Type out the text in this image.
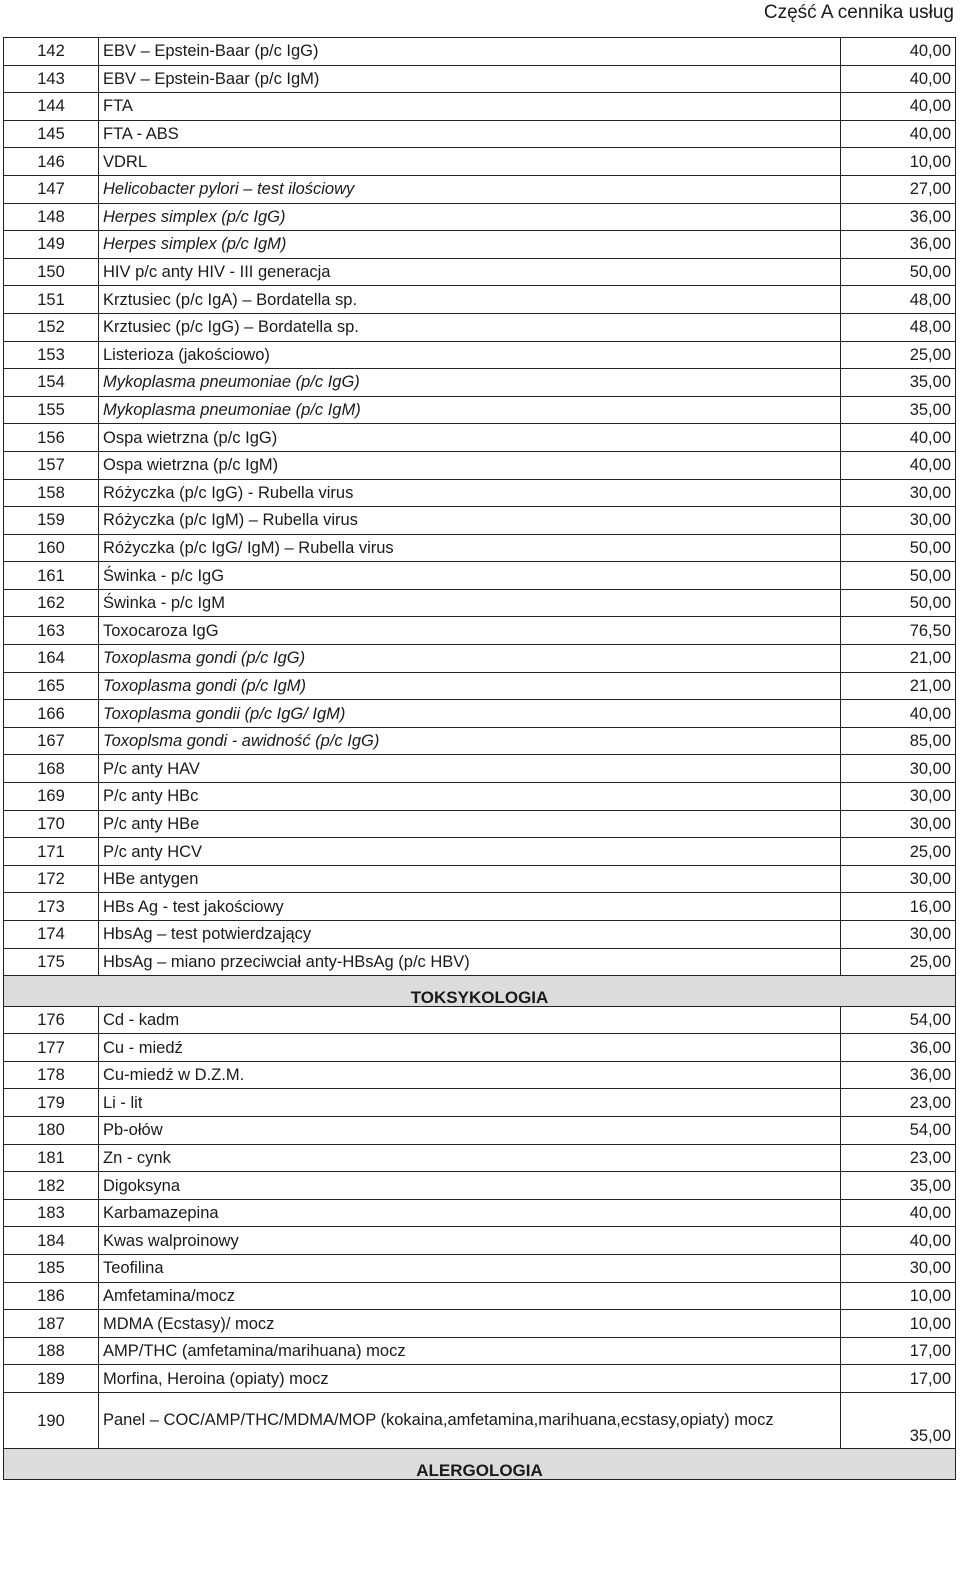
Część A cennika usług
142	EBV – Epstein-Baar (p/c IgG)	40,00
143	EBV – Epstein-Baar (p/c IgM)	40,00
144	FTA	40,00
145	FTA - ABS	40,00
146	VDRL	10,00
147	Helicobacter pylori – test ilościowy	27,00
148	Herpes simplex (p/c IgG)	36,00
149	Herpes simplex (p/c IgM)	36,00
150	HIV p/c anty HIV - III generacja	50,00
151	Krztusiec (p/c IgA) – Bordatella sp.	48,00
152	Krztusiec (p/c IgG) – Bordatella sp.	48,00
153	Listerioza (jakościowo)	25,00
154	Mykoplasma pneumoniae (p/c IgG)	35,00
155	Mykoplasma pneumoniae (p/c IgM)	35,00
156	Ospa wietrzna (p/c IgG)	40,00
157	Ospa wietrzna (p/c IgM)	40,00
158	Różyczka (p/c IgG) - Rubella virus	30,00
159	Różyczka (p/c IgM) – Rubella virus	30,00
160	Różyczka (p/c IgG/ IgM) – Rubella virus	50,00
161	Świnka - p/c IgG	50,00
162	Świnka - p/c IgM	50,00
163	Toxocaroza IgG	76,50
164	Toxoplasma gondi (p/c IgG)	21,00
165	Toxoplasma gondi (p/c IgM)	21,00
166	Toxoplasma gondii (p/c IgG/ IgM)	40,00
167	Toxoplsma gondi - awidność (p/c IgG)	85,00
168	P/c anty HAV	30,00
169	P/c anty HBc	30,00
170	P/c anty HBe	30,00
171	P/c anty HCV	25,00
172	HBe antygen	30,00
173	HBs Ag - test jakościowy	16,00
174	HbsAg – test potwierdzający	30,00
175	HbsAg – miano przeciwciał anty-HBsAg (p/c HBV)	25,00
TOKSYKOLOGIA		
176	Cd - kadm	54,00
177	Cu - miedź	36,00
178	Cu-miedź w D.Z.M.	36,00
179	Li - lit	23,00
180	Pb-ołów	54,00
181	Zn - cynk	23,00
182	Digoksyna	35,00
183	Karbamazepina	40,00
184	Kwas walproinowy	40,00
185	Teofilina	30,00
186	Amfetamina/mocz	10,00
187	MDMA (Ecstasy)/ mocz	10,00
188	AMP/THC (amfetamina/marihuana) mocz	17,00
189	Morfina, Heroina (opiaty) mocz	17,00
190	Panel – COC/AMP/THC/MDMA/MOP (kokaina,amfetamina,marihuana,ecstasy,opiaty) mocz	35,00
ALERGOLOGIA		
